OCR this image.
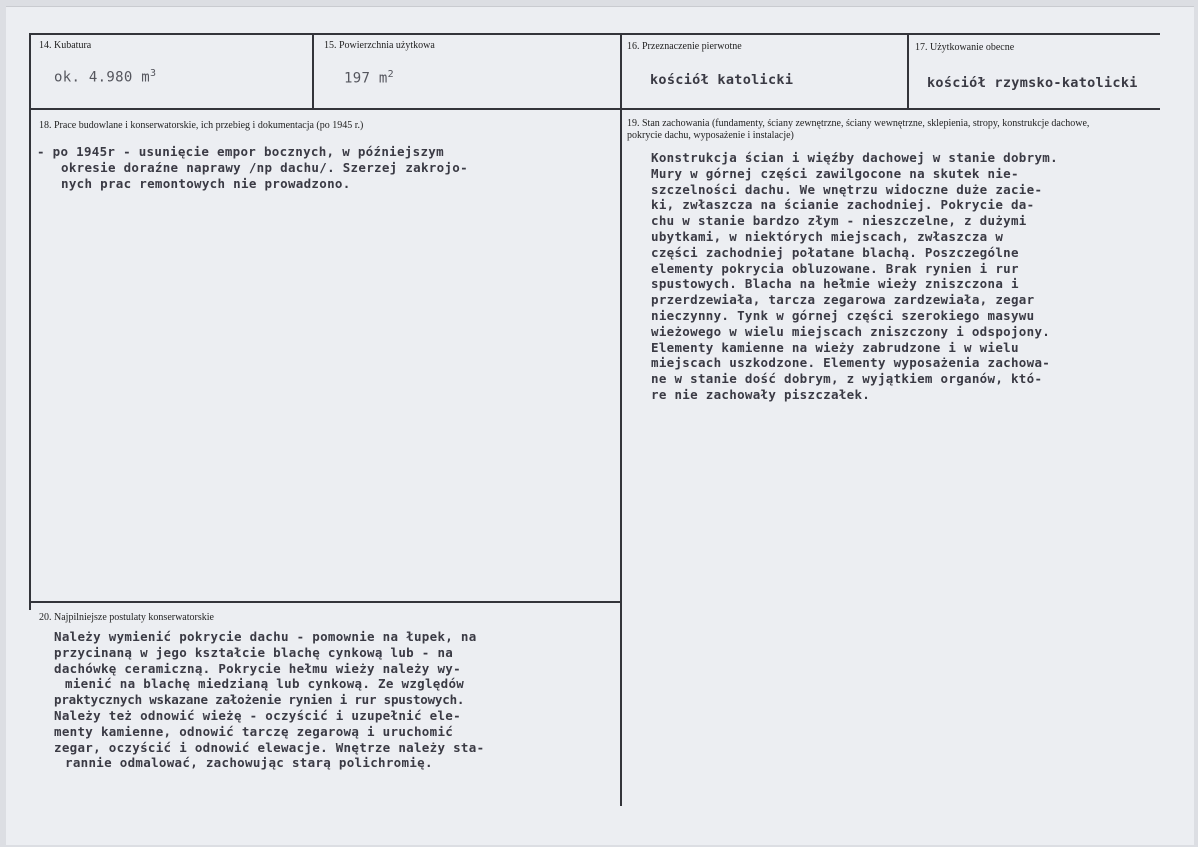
14. Kubatura
ok. 4.980 $m^3$
15. Powierzchnia użytkowa
197 $m^2$
16. Przeznaczenie pierwotne
kościół katolicki
17. Użytkowanie obecne
kościół rzymsko-katolicki
18. Prace budowlane i konserwatorskie, ich przebieg i dokumentacja (po 1945 r.)
- po 1945r - usunięcie empor bocznych, w późniejszym
okresie doraźne naprawy /np dachu/. Szerzej zakrojo-
nych prac remontowych nie prowadzono.
19. Stan zachowania (fundamenty, ściany zewnętrzne, ściany wewnętrzne, sklepienia, stropy, konstrukcje dachowe,
pokrycie dachu, wyposażenie i instalacje)
Konstrukcja ścian i więźby dachowej w stanie dobrym.
Mury w górnej części zawilgocone na skutek nie-
szczelności dachu. We wnętrzu widoczne duże zacie-
ki, zwłaszcza na ścianie zachodniej. Pokrycie da-
chu w stanie bardzo złym - nieszczelne, z dużymi
ubytkami, w niektórych miejscach, zwłaszcza w
części zachodniej połatane blachą. Poszczególne
elementy pokrycia obluzowane. Brak rynien i rur
spustowych. Blacha na hełmie wieży zniszczona i
przerdzewiała, tarcza zegarowa zardzewiała, zegar
nieczynny. Tynk w górnej części szerokiego masywu
wieżowego w wielu miejscach zniszczony i odspojony.
Elementy kamienne na wieży zabrudzone i w wielu
miejscach uszkodzone. Elementy wyposażenia zachowa-
ne w stanie dość dobrym, z wyjątkiem organów, któ-
re nie zachowały piszczałek.
20. Najpilniejsze postulaty konserwatorskie
Należy wymienić pokrycie dachu - pomownie na łupek, na
przycinaną w jego kształcie blachę cynkową lub - na
dachówkę ceramiczną. Pokrycie hełmu wieży należy wy-
mienić na blachę miedzianą lub cynkową. Ze względów
praktycznych wskazane założenie rynien i rur spustowych.
Należy też odnowić wieżę - oczyścić i uzupełnić ele-
menty kamienne, odnowić tarczę zegarową i uruchomić
zegar, oczyścić i odnowić elewacje. Wnętrze należy sta-
rannie odmalować, zachowując starą polichromię.
